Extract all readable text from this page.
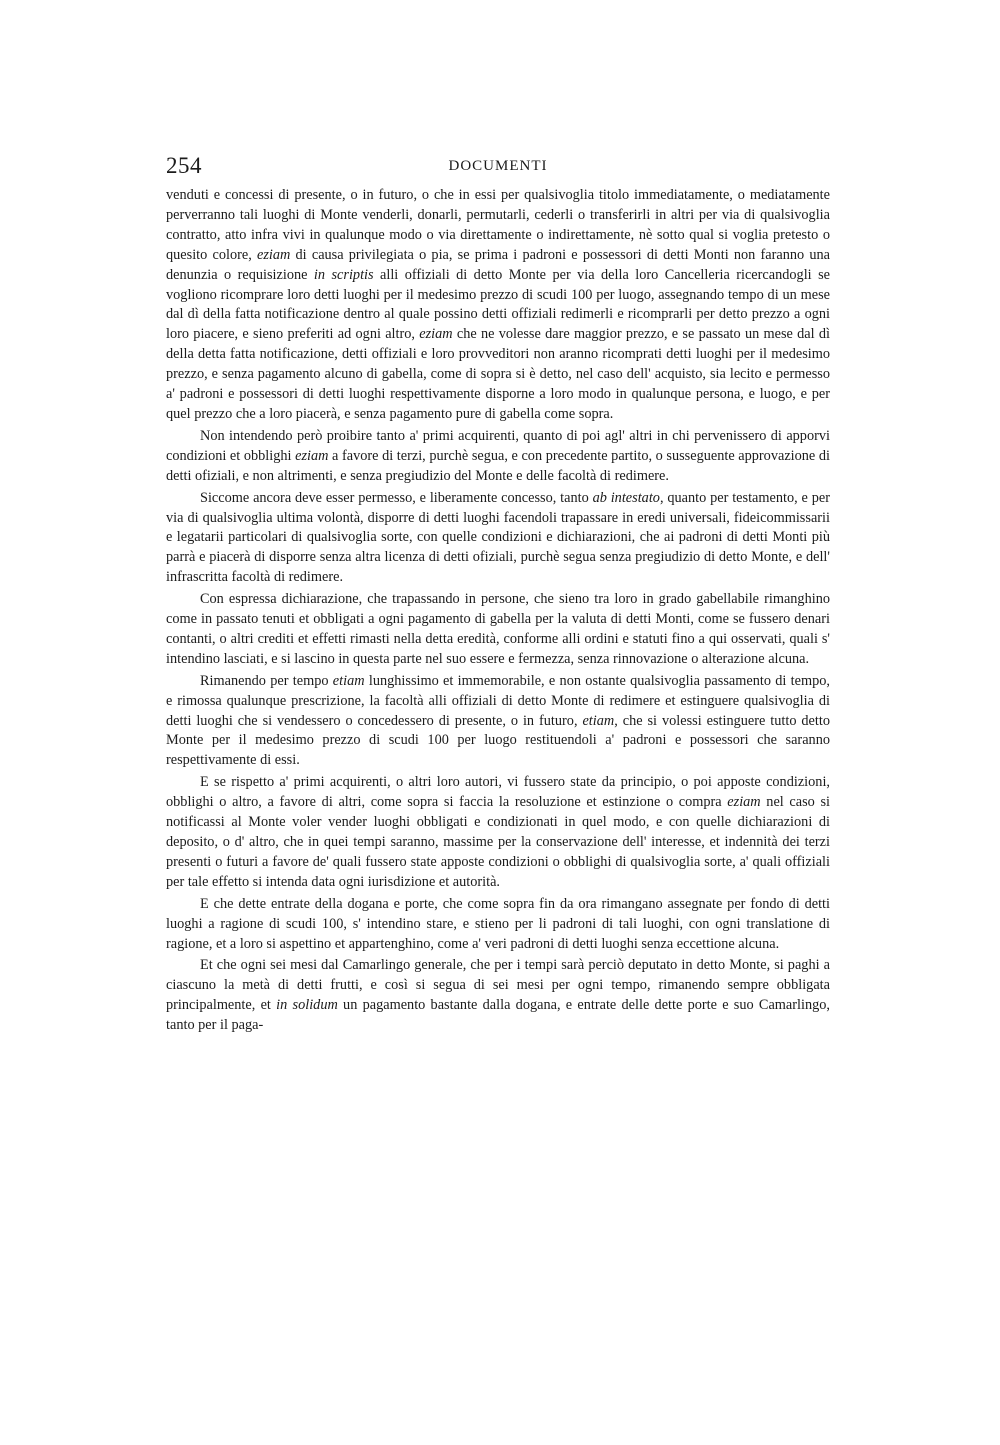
254	DOCUMENTI

venduti e concessi di presente, o in futuro, o che in essi per qualsivoglia titolo immediatamente, o mediatamente perverranno tali luoghi di Monte venderli, donarli, permutarli, cederli o transferirli in altri per via di qualsivoglia contratto, atto infra vivi in qualunque modo o via direttamente o indirettamente, nè sotto qual si voglia pretesto o quesito colore, eziam di causa privilegiata o pia, se prima i padroni e possessori di detti Monti non faranno una denunzia o requisizione in scriptis alli offiziali di detto Monte per via della loro Cancelleria ricercandogli se vogliono ricomprare loro detti luoghi per il medesimo prezzo di scudi 100 per luogo, assegnando tempo di un mese dal dì della fatta notificazione dentro al quale possino detti offiziali redimerli e ricomprarli per detto prezzo a ogni loro piacere, e sieno preferiti ad ogni altro, eziam che ne volesse dare maggior prezzo, e se passato un mese dal dì della detta fatta notificazione, detti offiziali e loro provveditori non aranno ricomprati detti luoghi per il medesimo prezzo, e senza pagamento alcuno di gabella, come di sopra si è detto, nel caso dell' acquisto, sia lecito e permesso a' padroni e possessori di detti luoghi respettivamente disporne a loro modo in qualunque persona, e luogo, e per quel prezzo che a loro piacerà, e senza pagamento pure di gabella come sopra.

Non intendendo però proibire tanto a' primi acquirenti, quanto di poi agl' altri in chi pervenissero di apporvi condizioni et obblighi eziam a favore di terzi, purchè segua, e con precedente partito, o susseguente approvazione di detti ofiziali, e non altrimenti, e senza pregiudizio del Monte e delle facoltà di redimere.

Siccome ancora deve esser permesso, e liberamente concesso, tanto ab intestato, quanto per testamento, e per via di qualsivoglia ultima volontà, disporre di detti luoghi facendoli trapassare in eredi universali, fideicommissarii e legatarii particolari di qualsivoglia sorte, con quelle condizioni e dichiarazioni, che ai padroni di detti Monti più parrà e piacerà di disporre senza altra licenza di detti ofiziali, purchè segua senza pregiudizio di detto Monte, e dell' infrascritta facoltà di redimere.

Con espressa dichiarazione, che trapassando in persone, che sieno tra loro in grado gabellabile rimanghino come in passato tenuti et obbligati a ogni pagamento di gabella per la valuta di detti Monti, come se fussero denari contanti, o altri crediti et effetti rimasti nella detta eredità, conforme alli ordini e statuti fino a qui osservati, quali s' intendino lasciati, e si lascino in questa parte nel suo essere e fermezza, senza rinnovazione o alterazione alcuna.

Rimanendo per tempo etiam lunghissimo et immemorabile, e non ostante qualsivoglia passamento di tempo, e rimossa qualunque prescrizione, la facoltà alli offiziali di detto Monte di redimere et estinguere qualsivoglia di detti luoghi che si vendessero o concedessero di presente, o in futuro, etiam, che si volessi estinguere tutto detto Monte per il medesimo prezzo di scudi 100 per luogo restituendoli a' padroni e possessori che saranno respettivamente di essi.

E se rispetto a' primi acquirenti, o altri loro autori, vi fussero state da principio, o poi apposte condizioni, obblighi o altro, a favore di altri, come sopra si faccia la resoluzione et estinzione o compra eziam nel caso si notificassi al Monte voler vender luoghi obbligati e condizionati in quel modo, e con quelle dichiarazioni di deposito, o d' altro, che in quei tempi saranno, massime per la conservazione dell' interesse, et indennità dei terzi presenti o futuri a favore de' quali fussero state apposte condizioni o obblighi di qualsivoglia sorte, a' quali offiziali per tale effetto si intenda data ogni iurisdizione et autorità.

E che dette entrate della dogana e porte, che come sopra fin da ora rimangano assegnate per fondo di detti luoghi a ragione di scudi 100, s' intendino stare, e stieno per li padroni di tali luoghi, con ogni translatione di ragione, et a loro si aspettino et appartenghino, come a' veri padroni di detti luoghi senza eccettione alcuna.

Et che ogni sei mesi dal Camarlingo generale, che per i tempi sarà perciò deputato in detto Monte, si paghi a ciascuno la metà di detti frutti, e così si segua di sei mesi per ogni tempo, rimanendo sempre obbligata principalmente, et in solidum un pagamento bastante dalla dogana, e entrate delle dette porte e suo Camarlingo, tanto per il paga-
